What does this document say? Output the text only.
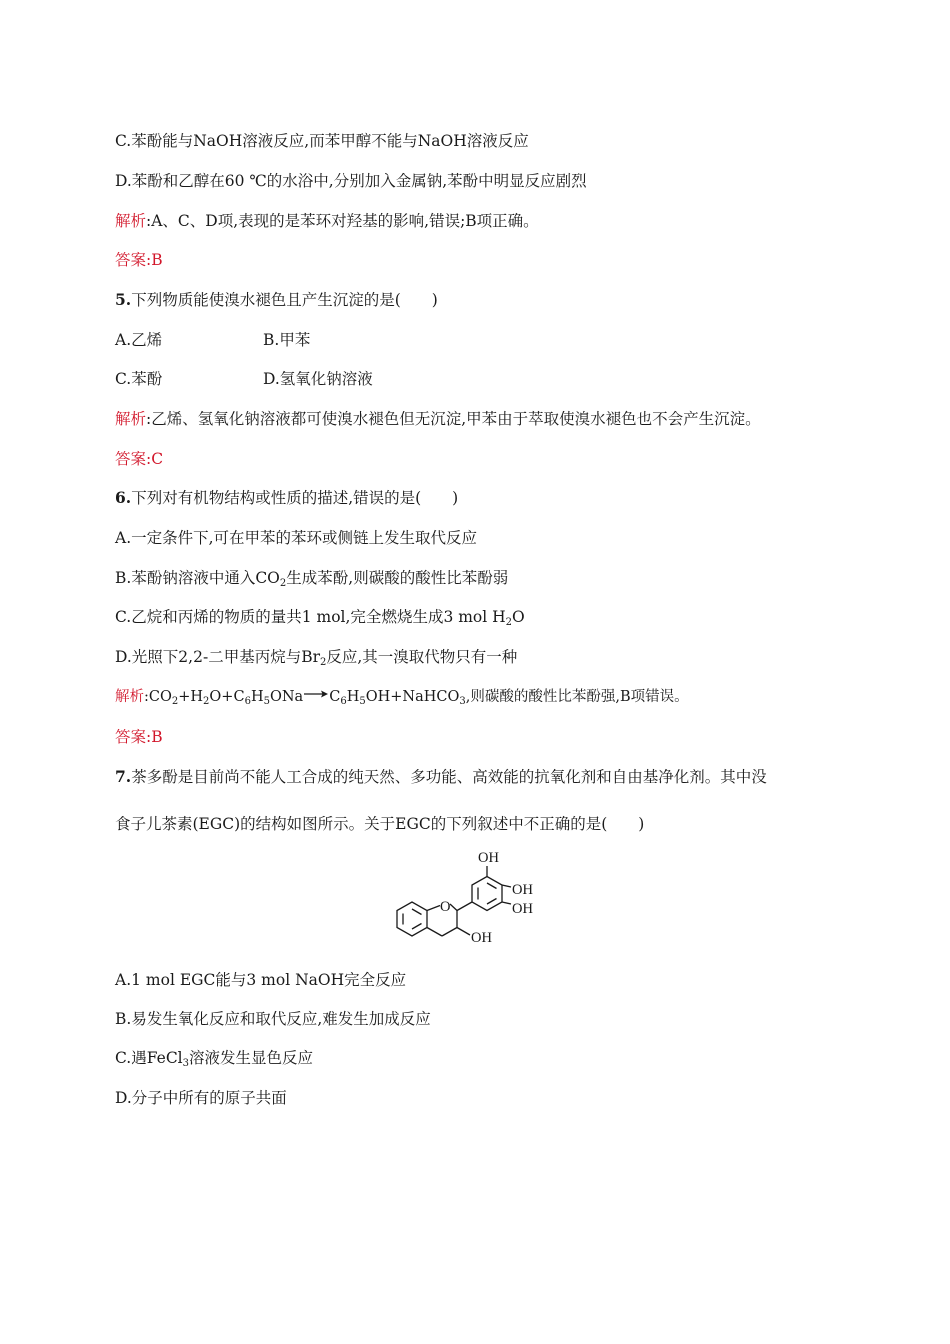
C.苯酚能与NaOH溶液反应,而苯甲醇不能与NaOH溶液反应
D.苯酚和乙醇在60 ℃的水浴中,分别加入金属钠,苯酚中明显反应剧烈
解析:A、C、D项,表现的是苯环对羟基的影响,错误;B项正确。
答案:B
5.下列物质能使溴水褪色且产生沉淀的是(　　)
A.乙烯	B.甲苯
C.苯酚	D.氢氧化钠溶液
解析:乙烯、氢氧化钠溶液都可使溴水褪色但无沉淀,甲苯由于萃取使溴水褪色也不会产生沉淀。
答案:C
6.下列对有机物结构或性质的描述,错误的是(　　)
A.一定条件下,可在甲苯的苯环或侧链上发生取代反应
B.苯酚钠溶液中通入$CO_2$生成苯酚,则碳酸的酸性比苯酚弱
C.乙烷和丙烯的物质的量共1 mol,完全燃烧生成3 mol $H_2O$
D.光照下2,2-二甲基丙烷与$Br_2$反应,其一溴取代物只有一种
解析$:CO_2+H_2O+C_6H_5ONa\to C_6H_5OH+NaHCO_3$,则碳酸的酸性比苯酚强,B项错误。
答案:B
7.茶多酚是目前尚不能人工合成的纯天然、多功能、高效能的抗氧化剂和自由基净化剂。其中没
食子儿茶素(EGC)的结构如图所示。关于EGC的下列叙述中不正确的是(　　)
OH
OH
OH
OH
O
A.1 mol EGC能与3 mol NaOH完全反应
B.易发生氧化反应和取代反应,难发生加成反应
C.遇FeCl$_3$溶液发生显色反应
D.分子中所有的原子共面
